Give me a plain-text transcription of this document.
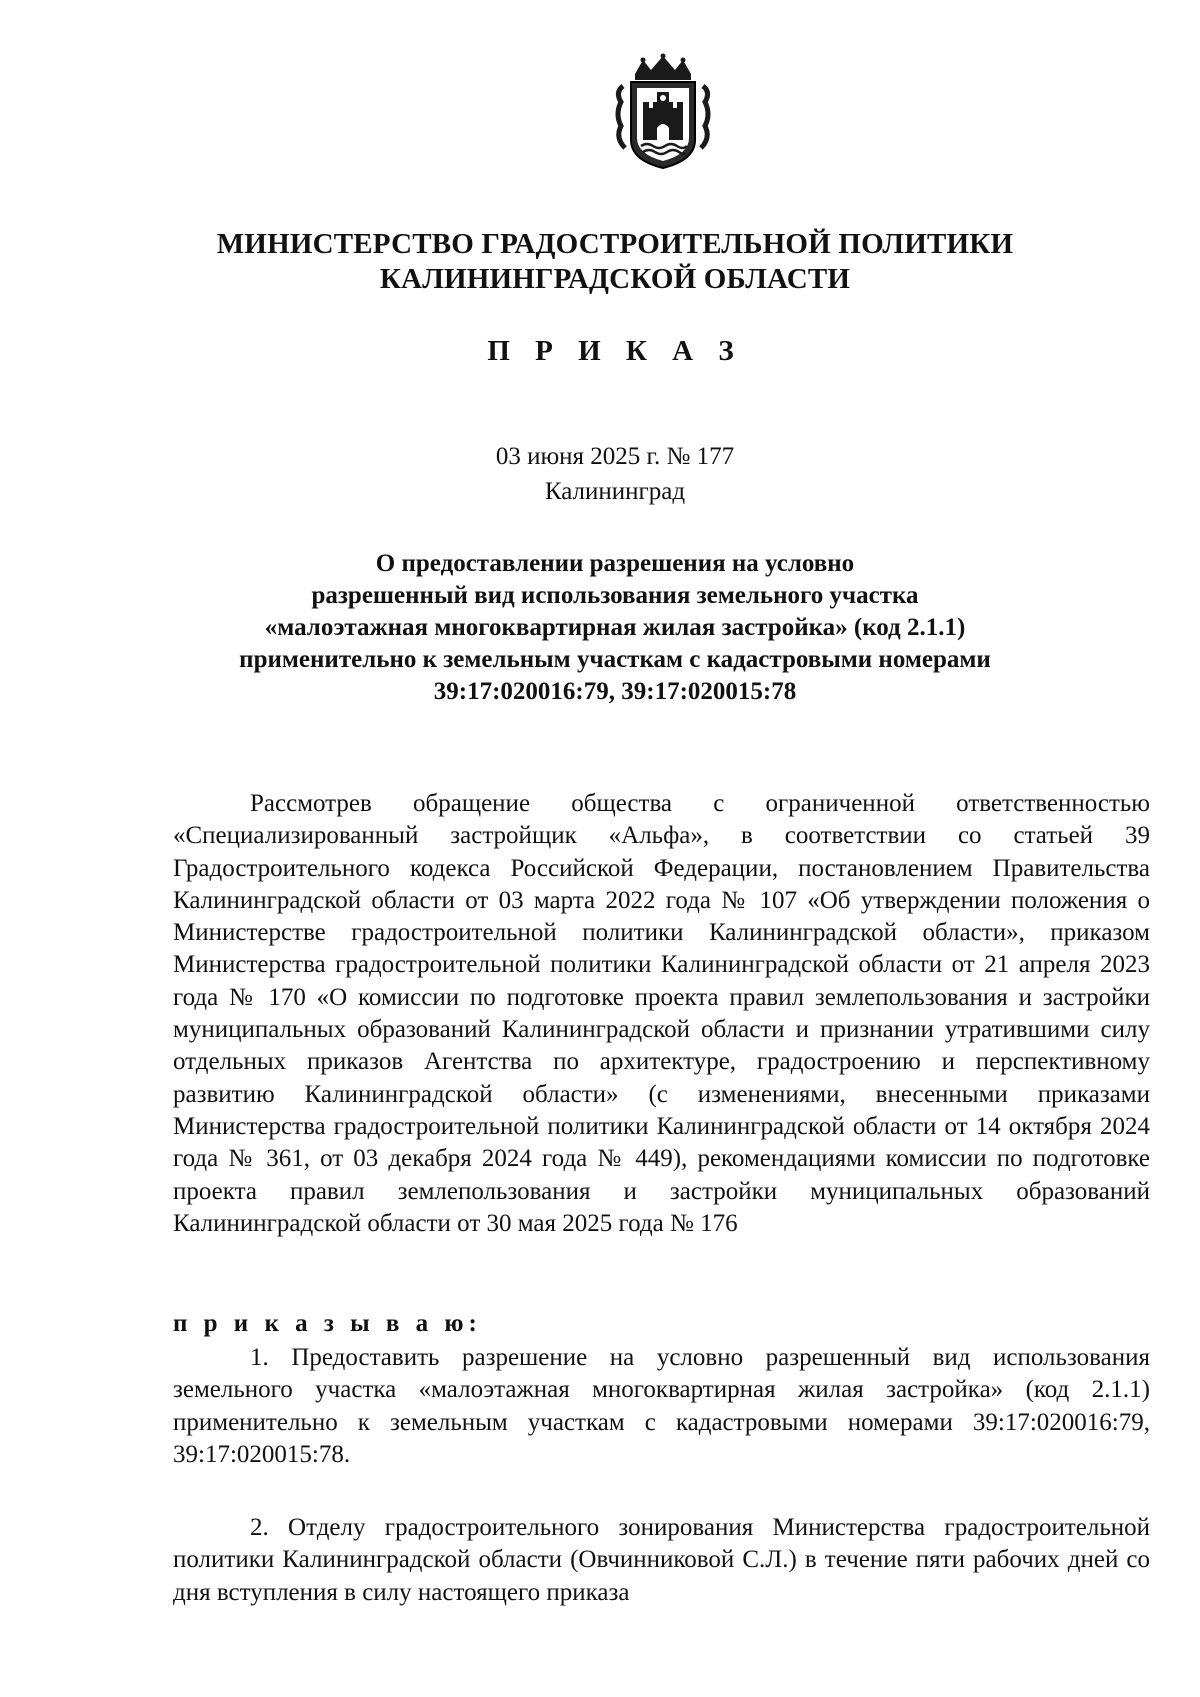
МИНИСТЕРСТВО ГРАДОСТРОИТЕЛЬНОЙ ПОЛИТИКИ
КАЛИНИНГРАДСКОЙ ОБЛАСТИ
П Р И К А З
03 июня 2025 г. № 177
Калининград
О предоставлении разрешения на условно
разрешенный вид использования земельного участка
«малоэтажная многоквартирная жилая застройка» (код 2.1.1)
применительно к земельным участкам с кадастровыми номерами
39:17:020016:79, 39:17:020015:78

Рассмотрев обращение общества с ограниченной ответственностью «Специализированный застройщик «Альфа», в соответствии со статьей 39 Градостроительного кодекса Российской Федерации, постановлением Правительства Калининградской области от 03 марта 2022 года № 107 «Об утверждении положения о Министерстве градостроительной политики Калининградской области», приказом Министерства градостроительной политики Калининградской области от 21 апреля 2023 года № 170 «О комиссии по подготовке проекта правил землепользования и застройки муниципальных образований Калининградской области и признании утратившими силу отдельных приказов Агентства по архитектуре, градостроению и перспективному развитию Калининградской области» (с изменениями, внесенными приказами Министерства градостроительной политики Калининградской области от 14 октября 2024 года № 361, от 03 декабря 2024 года № 449), рекомендациями комиссии по подготовке проекта правил землепользования и застройки муниципальных образований Калининградской области от 30 мая 2025 года № 176

п р и к а з ы в а ю:

1. Предоставить разрешение на условно разрешенный вид использования земельного участка «малоэтажная многоквартирная жилая застройка» (код 2.1.1) применительно к земельным участкам с кадастровыми номерами 39:17:020016:79, 39:17:020015:78.

2. Отделу градостроительного зонирования Министерства градостроительной политики Калининградской области (Овчинниковой С.Л.) в течение пяти рабочих дней со дня вступления в силу настоящего приказа
